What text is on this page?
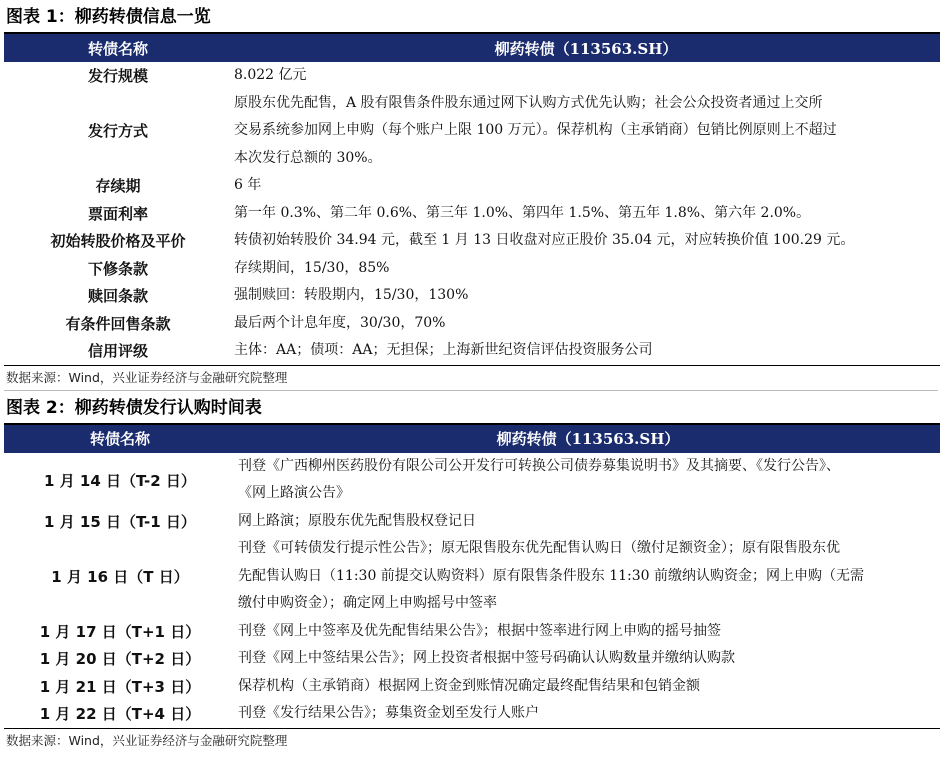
图表 1：柳药转债信息一览
转债名称	柳药转债（113563.SH）
发行规模	8.022 亿元

发行方式	原股东优先配售，A 股有限售条件股东通过网下认购方式优先认购；社会公众投资者通过上交所
交易系统参加网上申购（每个账户上限 100 万元）。保荐机构（主承销商）包销比例原则上不超过
本次发行总额的 30%。

存续期	6 年

票面利率	第一年 0.3%、第二年 0.6%、第三年 1.0%、第四年 1.5%、第五年 1.8%、第六年 2.0%。

初始转股价格及平价	转债初始转股价 34.94 元，截至 1 月 13 日收盘对应正股价 35.04 元，对应转换价值 100.29 元。

下修条款	存续期间，15/30，85%

赎回条款	强制赎回：转股期内，15/30，130%

有条件回售条款	最后两个计息年度，30/30，70%

信用评级	主体：AA；债项：AA；无担保；上海新世纪资信评估投资服务公司
数据来源：Wind，兴业证券经济与金融研究院整理
图表 2：柳药转债发行认购时间表
转债名称	柳药转债（113563.SH）
1 月 14 日（T-2 日）	刊登《广西柳州医药股份有限公司公开发行可转换公司债券募集说明书》及其摘要、《发行公告》、
《网上路演公告》

1 月 15 日（T-1 日）	网上路演；原股东优先配售股权登记日

1 月 16 日（T 日）	刊登《可转债发行提示性公告》；原无限售股东优先配售认购日（缴付足额资金）；原有限售股东优
先配售认购日（11:30 前提交认购资料）原有限售条件股东 11:30 前缴纳认购资金；网上申购（无需
缴付申购资金）；确定网上申购摇号中签率

1 月 17 日（T+1 日）	刊登《网上中签率及优先配售结果公告》；根据中签率进行网上申购的摇号抽签

1 月 20 日（T+2 日）	刊登《网上中签结果公告》；网上投资者根据中签号码确认认购数量并缴纳认购款

1 月 21 日（T+3 日）	保荐机构（主承销商）根据网上资金到账情况确定最终配售结果和包销金额

1 月 22 日（T+4 日）	刊登《发行结果公告》；募集资金划至发行人账户
数据来源：Wind，兴业证券经济与金融研究院整理
